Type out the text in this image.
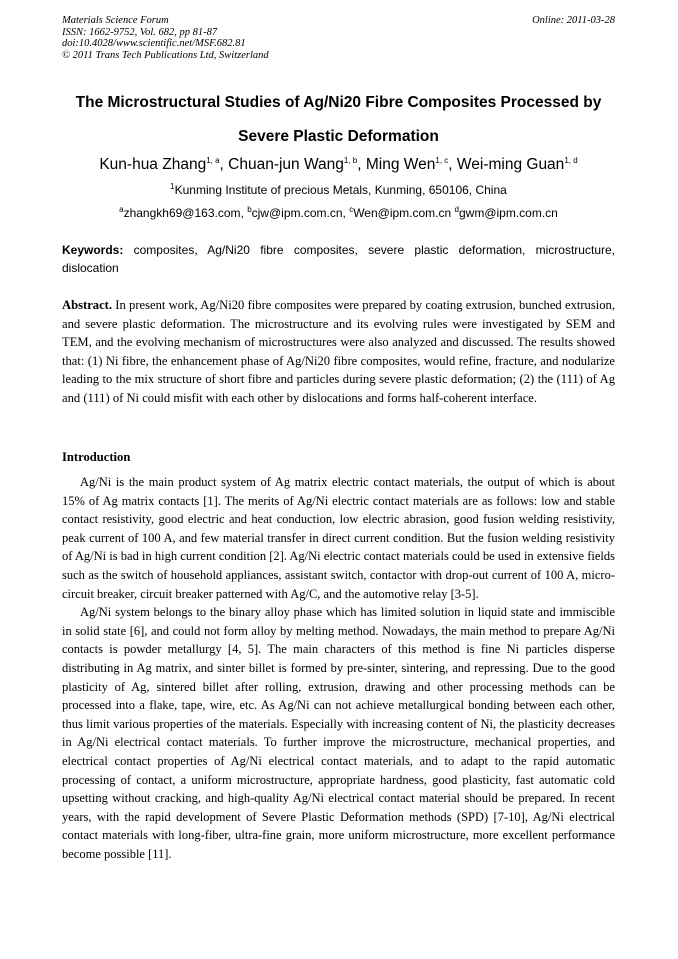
Materials Science Forum
ISSN: 1662-9752, Vol. 682, pp 81-87
doi:10.4028/www.scientific.net/MSF.682.81
© 2011 Trans Tech Publications Ltd, Switzerland
Online: 2011-03-28
The Microstructural Studies of Ag/Ni20 Fibre Composites Processed by
Severe Plastic Deformation
Kun-hua Zhang$^{1, a}$, Chuan-jun Wang$^{1, b}$, Ming Wen$^{1, c}$, Wei-ming Guan$^{1, d}$
$^1$Kunming Institute of precious Metals, Kunming, 650106, China
$^a$zhangkh69@163.com, $^b$cjw@ipm.com.cn, $^c$Wen@ipm.com.cn $^d$gwm@ipm.com.cn
Keywords: composites, Ag/Ni20 fibre composites, severe plastic deformation, microstructure, dislocation

Abstract. In present work, Ag/Ni20 fibre composites were prepared by coating extrusion, bunched extrusion, and severe plastic deformation. The microstructure and its evolving rules were investigated by SEM and TEM, and the evolving mechanism of microstructures were also analyzed and discussed. The results showed that: (1) Ni fibre, the enhancement phase of Ag/Ni20 fibre composites, would refine, fracture, and nodularize leading to the mix structure of short fibre and particles during severe plastic deformation; (2) the (111) of Ag and (111) of Ni could misfit with each other by dislocations and forms half-coherent interface.

Introduction

Ag/Ni is the main product system of Ag matrix electric contact materials, the output of which is about 15% of Ag matrix contacts [1]. The merits of Ag/Ni electric contact materials are as follows: low and stable contact resistivity, good electric and heat conduction, low electric abrasion, good fusion welding resistivity, peak current of 100 A, and few material transfer in direct current condition. But the fusion welding resistivity of Ag/Ni is bad in high current condition [2]. Ag/Ni electric contact materials could be used in extensive fields such as the switch of household appliances, assistant switch, contactor with drop-out current of 100 A, micro-circuit breaker, circuit breaker patterned with Ag/C, and the automotive relay [3-5].

Ag/Ni system belongs to the binary alloy phase which has limited solution in liquid state and immiscible in solid state [6], and could not form alloy by melting method. Nowadays, the main method to prepare Ag/Ni contacts is powder metallurgy [4, 5]. The main characters of this method is fine Ni particles disperse distributing in Ag matrix, and sinter billet is formed by pre-sinter, sintering, and repressing. Due to the good plasticity of Ag, sintered billet after rolling, extrusion, drawing and other processing methods can be processed into a flake, tape, wire, etc. As Ag/Ni can not achieve metallurgical bonding between each other, thus limit various properties of the materials. Especially with increasing content of Ni, the plasticity decreases in Ag/Ni electrical contact materials. To further improve the microstructure, mechanical properties, and electrical contact properties of Ag/Ni electrical contact materials, and to adapt to the rapid automatic processing of contact, a uniform microstructure, appropriate hardness, good plasticity, fast automatic cold upsetting without cracking, and high-quality Ag/Ni electrical contact material should be prepared. In recent years, with the rapid development of Severe Plastic Deformation methods (SPD) [7-10], Ag/Ni electrical contact materials with long-fiber, ultra-fine grain, more uniform microstructure, more excellent performance become possible [11].
